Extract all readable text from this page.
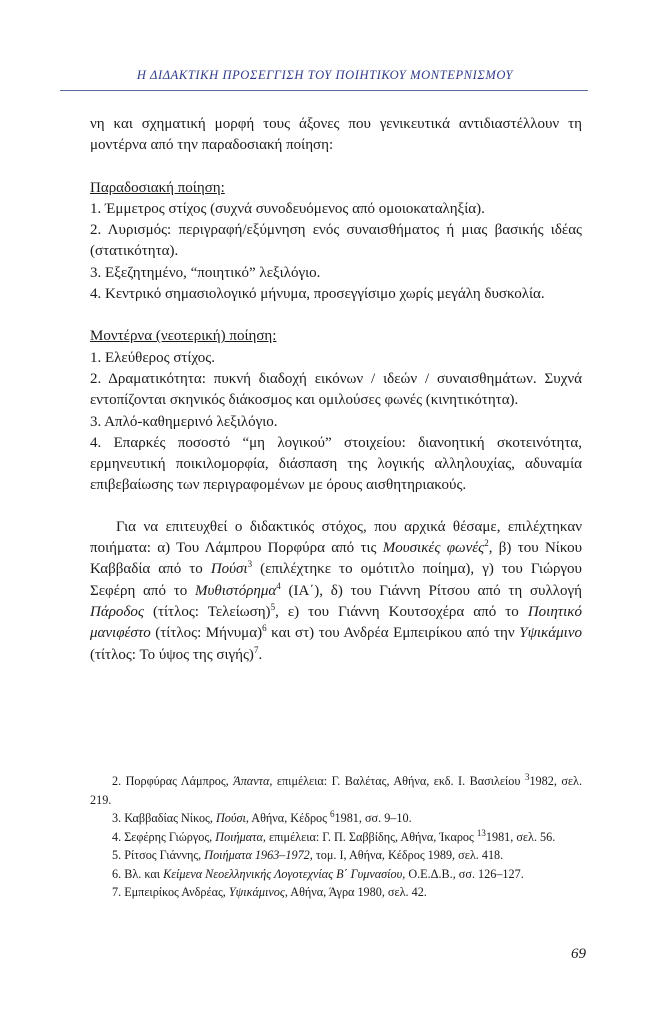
Η ΔΙΔΑΚΤΙΚΗ ΠΡΟΣΕΓΓΙΣΗ ΤΟΥ ΠΟΙΗΤΙΚΟΥ ΜΟΝΤΕΡΝΙΣΜΟΥ

νη και σχηματική μορφή τους άξονες που γενικευτικά αντιδιαστέλλουν τη μοντέρνα από την παραδοσιακή ποίηση:

Παραδοσιακή ποίηση:

1. Έμμετρος στίχος (συχνά συνοδευόμενος από ομοιοκαταληξία).

2. Λυρισμός: περιγραφή/εξύμνηση ενός συναισθήματος ή μιας βασικής ιδέας (στατικότητα).

3. Εξεζητημένο, “ποιητικό” λεξιλόγιο.

4. Κεντρικό σημασιολογικό μήνυμα, προσεγγίσιμο χωρίς μεγάλη δυσκολία.

Μοντέρνα (νεοτερική) ποίηση:

1. Ελεύθερος στίχος.

2. Δραματικότητα: πυκνή διαδοχή εικόνων / ιδεών / συναισθημάτων. Συχνά εντοπίζονται σκηνικός διάκοσμος και ομιλούσες φωνές (κινητικότητα).

3. Απλό-καθημερινό λεξιλόγιο.

4. Επαρκές ποσοστό “μη λογικού” στοιχείου: διανοητική σκοτεινότητα, ερμηνευτική ποικιλομορφία, διάσπαση της λογικής αλληλουχίας, αδυναμία επιβεβαίωσης των περιγραφομένων με όρους αισθητηριακούς.

Για να επιτευχθεί ο διδακτικός στόχος, που αρχικά θέσαμε, επιλέχτηκαν ποιήματα: α) Του Λάμπρου Πορφύρα από τις Μουσικές φωνές$^2$, β) του Νίκου Καββαδία από το Πούσι$^3$ (επιλέχτηκε το ομότιτλο ποίημα), γ) του Γιώργου Σεφέρη από το Μυθιστόρημα$^4$ (ΙΑ΄), δ) του Γιάννη Ρίτσου από τη συλλογή Πάροδος (τίτλος: Τελείωση)$^5$, ε) του Γιάννη Κουτσοχέρα από το Ποιητικό μανιφέστο (τίτλος: Μήνυμα)$^6$ και στ) του Ανδρέα Εμπειρίκου από την Υψικάμινο (τίτλος: Το ύψος της σιγής)$^7$.

2. Πορφύρας Λάμπρος, Άπαντα, επιμέλεια: Γ. Βαλέτας, Αθήνα, εκδ. Ι. Βασιλείου $^3$1982, σελ. 219.

3. Καββαδίας Νίκος, Πούσι, Αθήνα, Κέδρος $^6$1981, σσ. 9–10.

4. Σεφέρης Γιώργος, Ποιήματα, επιμέλεια: Γ. Π. Σαββίδης, Αθήνα, Ίκαρος $^{13}$1981, σελ. 56.

5. Ρίτσος Γιάννης, Ποιήματα 1963–1972, τομ. Ι, Αθήνα, Κέδρος 1989, σελ. 418.

6. Βλ. και Κείμενα Νεοελληνικής Λογοτεχνίας Β΄ Γυμνασίου, Ο.Ε.Δ.Β., σσ. 126–127.

7. Εμπειρίκος Ανδρέας, Υψικάμινος, Αθήνα, Άγρα 1980, σελ. 42.

69
